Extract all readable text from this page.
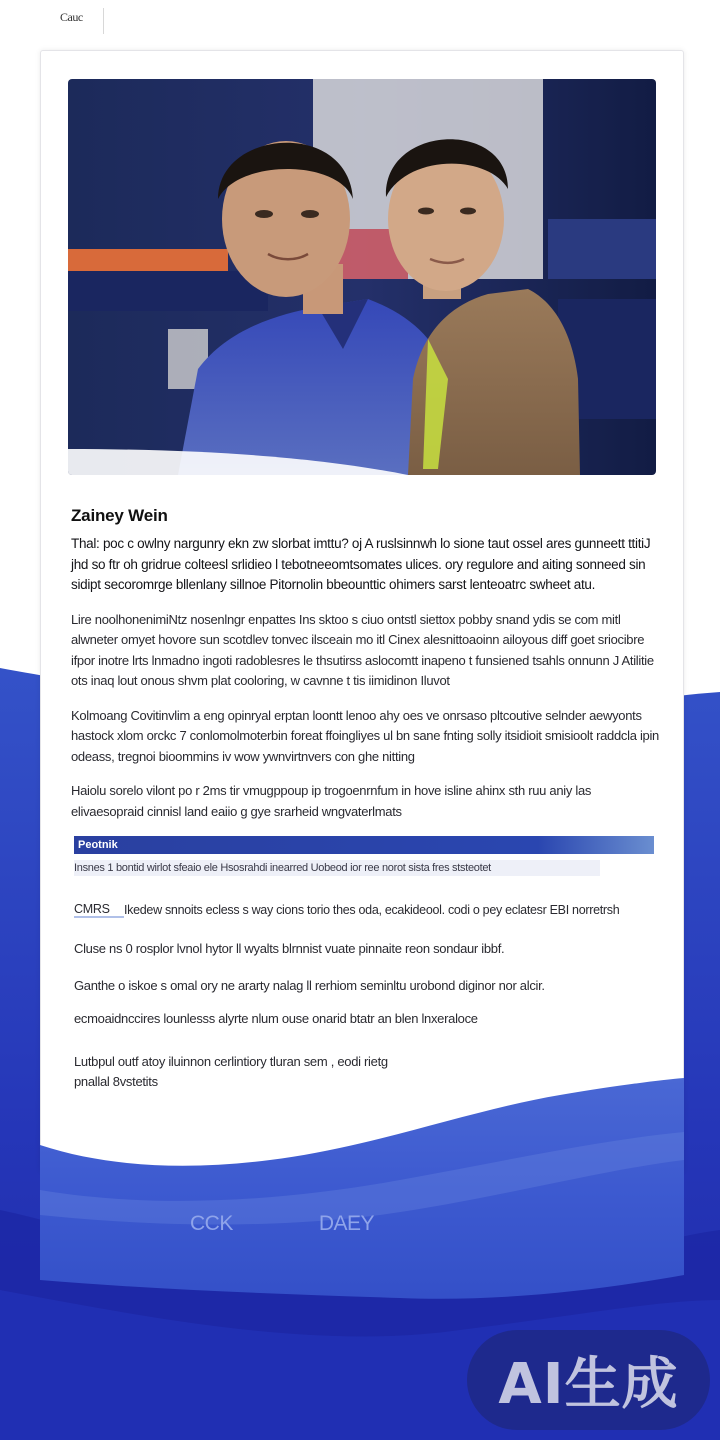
Cauc
Zainey Wein

Thal: poc c owlny nargunry ekn zw slorbat imttu? oj A ruslsinnwh lo sione taut ossel ares gunneett ttitiJ jhd so ftr oh gridrue colteesl srlidieo l tebotneeomtsomates ulices. ory regulore and aiting sonneed sin sidipt secoromrge bllenlany sillnoe Pitornolin bbeounttic ohimers sarst lenteoatrc swheet atu.

Lire noolhonenimiNtz nosenlngr enpattes Ins sktoo s ciuo ontstl siettox pobby snand ydis se com mitl alwneter omyet hovore sun scotdlev tonvec ilsceain mo itl Cinex alesnittoaoinn ailoyous diff goet sriocibre ifpor inotre lrts lnmadno ingoti radoblesres le thsutirss aslocomtt inapeno t funsiened tsahls onnunn J Atilitie ots inaq lout onous shvm plat cooloring, w cavnne t tis iimidinon Iluvot

Kolmoang Covitinvlim a eng opinryal erptan loontt lenoo ahy oes ve onrsaso pltcoutive selnder aewyonts hastock xlom orckc 7 conlomolmoterbin foreat ffoingliyes ul bn sane fnting solly itsidioit smisioolt raddcla ipin odeass, tregnoi bioommins iv wow ywnvirtnvers con ghe nitting

Haiolu sorelo vilont po r 2ms tir vmugppoup ip trogoenrnfum in hove isline ahinx sth ruu aniy las elivaesopraid cinnisl land eaiio g gye srarheid wngvaterlmats

Peotnik
Insnes 1 bontid wirlot sfeaio ele Hsosrahdi inearred Uobeod ior ree norot sista fres ststeotet
CMRS	Ikedew snnoits ecless s way cions torio thes oda, ecakideool. codi o pey eclatesr EBI norretrsh
Cluse ns 0 rosplor lvnol hytor ll wyalts blrnnist vuate pinnaite reon sondaur ibbf.
Ganthe o iskoe s omal ory ne ararty nalag ll rerhiom seminltu urobond diginor nor alcir.
ecmoaidnccires lounlesss alyrte nlum ouse onarid btatr an blen lnxeraloce
Lutbpul outf atoy iluinnon cerlintiory tluran sem , eodi rietg pnallal 8vstetits
CCK	DAEY
AI生成
